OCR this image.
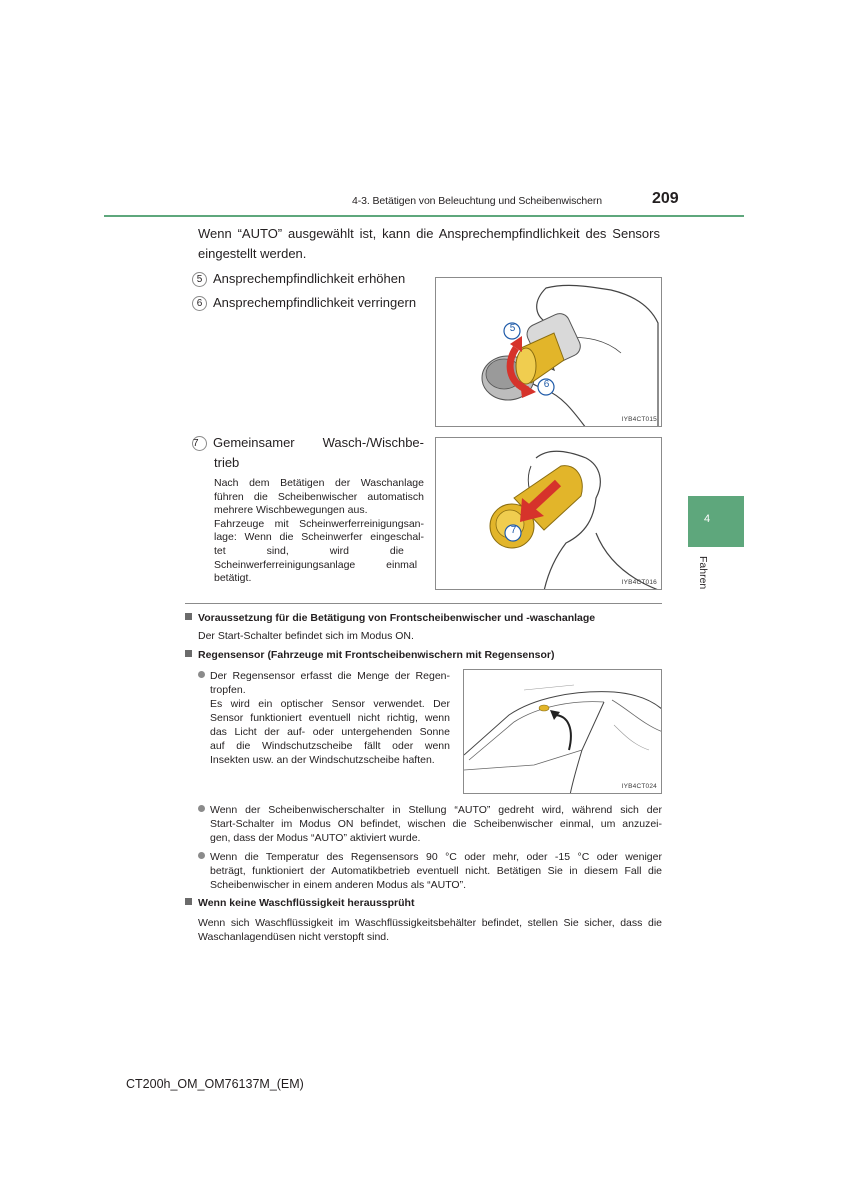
4-3. Betätigen von Beleuchtung und Scheibenwischern	209
4
Fahren
Wenn “AUTO” ausgewählt ist, kann die Ansprechempfindlichkeit des Sensors
eingestellt werden.
5 Ansprechempfindlichkeit erhöhen
6 Ansprechempfindlichkeit verringern
5
6
IYB4CT015
7 Gemeinsamer Wasch-/Wischbe-
trieb
Nach dem Betätigen der Waschanlage
führen die Scheibenwischer automatisch
mehrere Wischbewegungen aus.
Fahrzeuge mit Scheinwerferreinigungsan-
lage: Wenn die Scheinwerfer eingeschal-
tet sind, wird die
Scheinwerferreinigungsanlage einmal
betätigt.
7
IYB4CT016
Voraussetzung für die Betätigung von Frontscheibenwischer und -waschanlage
Der Start-Schalter befindet sich im Modus ON.
Regensensor (Fahrzeuge mit Frontscheibenwischern mit Regensensor)
Der Regensensor erfasst die Menge der Regen-
tropfen.
Es wird ein optischer Sensor verwendet. Der
Sensor funktioniert eventuell nicht richtig, wenn
das Licht der auf- oder untergehenden Sonne
auf die Windschutzscheibe fällt oder wenn
Insekten usw. an der Windschutzscheibe haften.
IYB4CT024
Wenn der Scheibenwischerschalter in Stellung “AUTO” gedreht wird, während sich der
Start-Schalter im Modus ON befindet, wischen die Scheibenwischer einmal, um anzuzei-
gen, dass der Modus “AUTO” aktiviert wurde.
Wenn die Temperatur des Regensensors 90 °C oder mehr, oder -15 °C oder weniger
beträgt, funktioniert der Automatikbetrieb eventuell nicht. Betätigen Sie in diesem Fall die
Scheibenwischer in einem anderen Modus als “AUTO”.
Wenn keine Waschflüssigkeit heraussprüht
Wenn sich Waschflüssigkeit im Waschflüssigkeitsbehälter befindet, stellen Sie sicher, dass die
Waschanlagendüsen nicht verstopft sind.
CT200h_OM_OM76137M_(EM)
